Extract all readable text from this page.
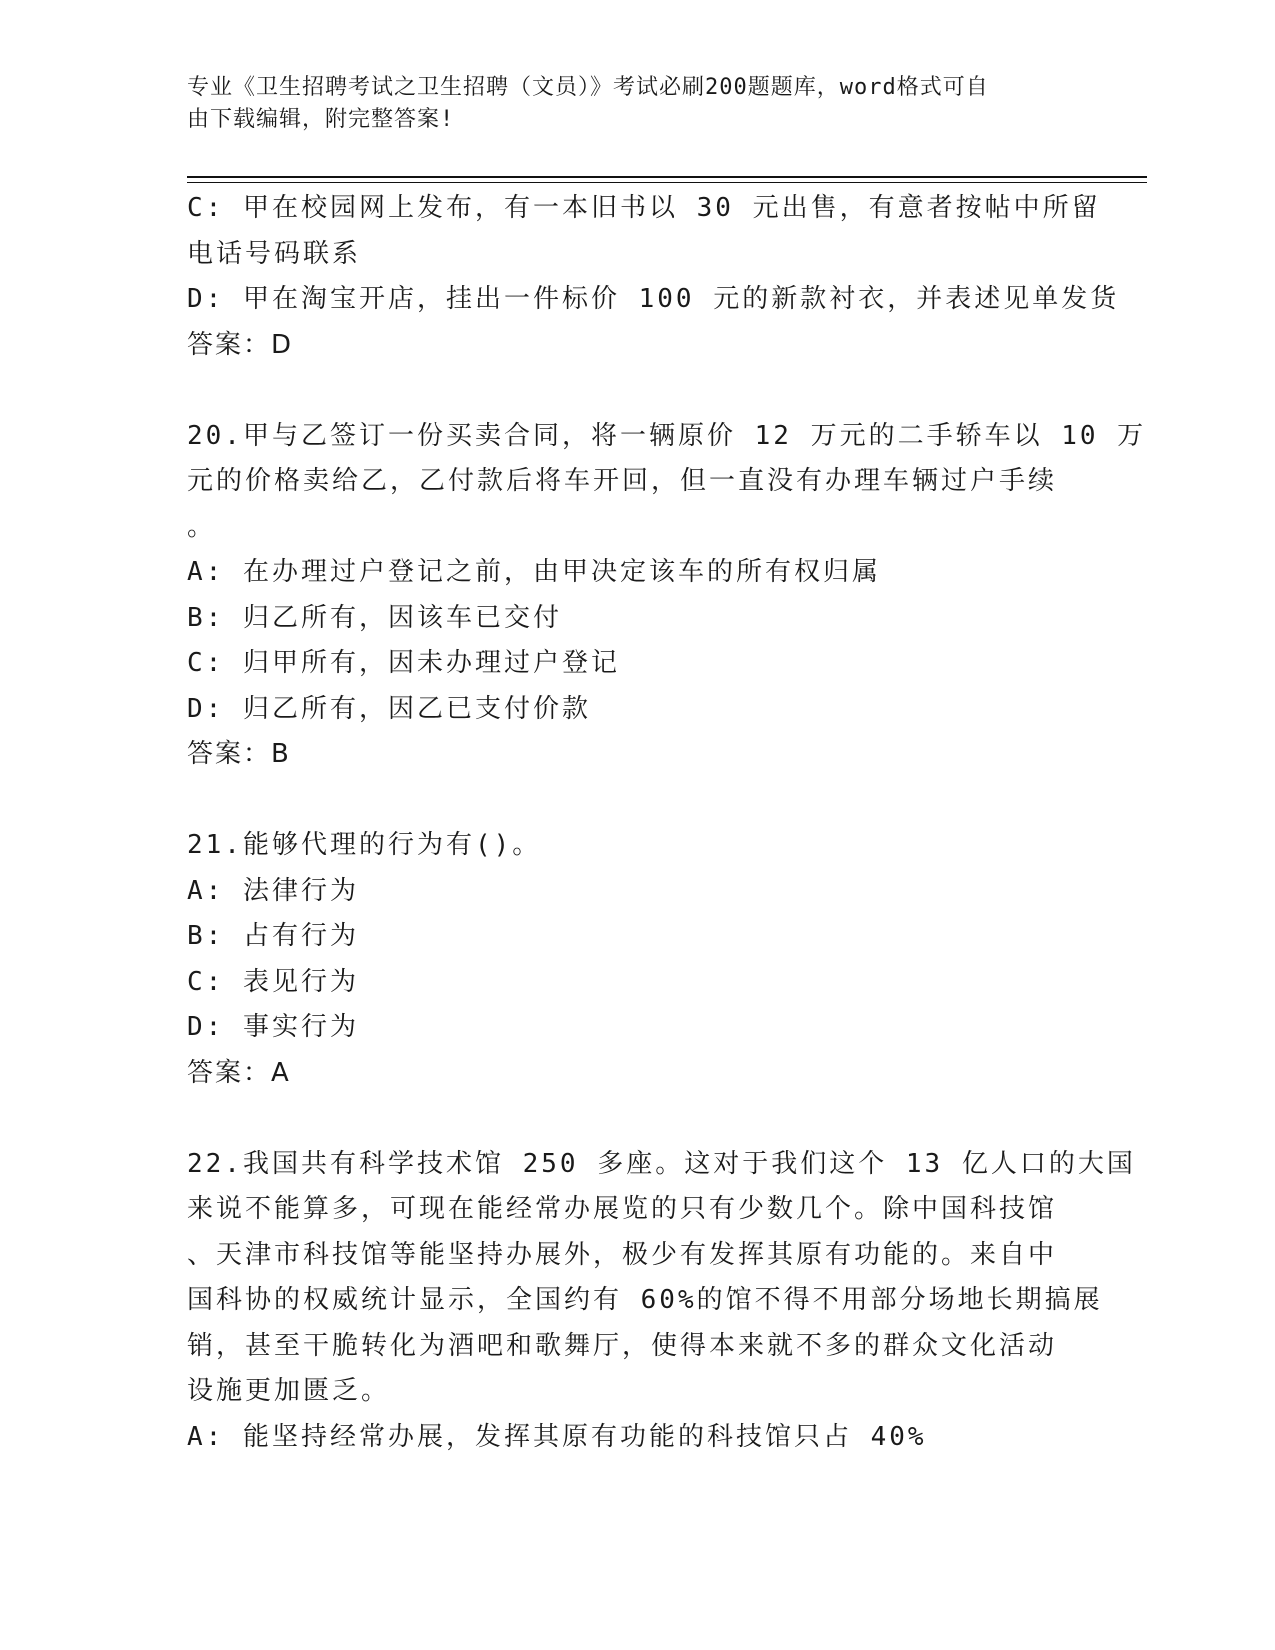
专业《卫生招聘考试之卫生招聘（文员）》考试必刷200题题库，word格式可自
由下载编辑，附完整答案!
C: 甲在校园网上发布，有一本旧书以 30 元出售，有意者按帖中所留
电话号码联系
D: 甲在淘宝开店，挂出一件标价 100 元的新款衬衣，并表述见单发货
答案：D
20.甲与乙签订一份买卖合同，将一辆原价 12 万元的二手轿车以 10 万
元的价格卖给乙，乙付款后将车开回，但一直没有办理车辆过户手续
。
A: 在办理过户登记之前，由甲决定该车的所有权归属
B: 归乙所有，因该车已交付
C: 归甲所有，因未办理过户登记
D: 归乙所有，因乙已支付价款
答案：B
21.能够代理的行为有()。
A: 法律行为
B: 占有行为
C: 表见行为
D: 事实行为
答案：A
22.我国共有科学技术馆 250 多座。这对于我们这个 13 亿人口的大国
来说不能算多，可现在能经常办展览的只有少数几个。除中国科技馆
、天津市科技馆等能坚持办展外，极少有发挥其原有功能的。来自中
国科协的权威统计显示，全国约有 60%的馆不得不用部分场地长期搞展
销，甚至干脆转化为酒吧和歌舞厅，使得本来就不多的群众文化活动
设施更加匮乏。
A: 能坚持经常办展，发挥其原有功能的科技馆只占 40%
